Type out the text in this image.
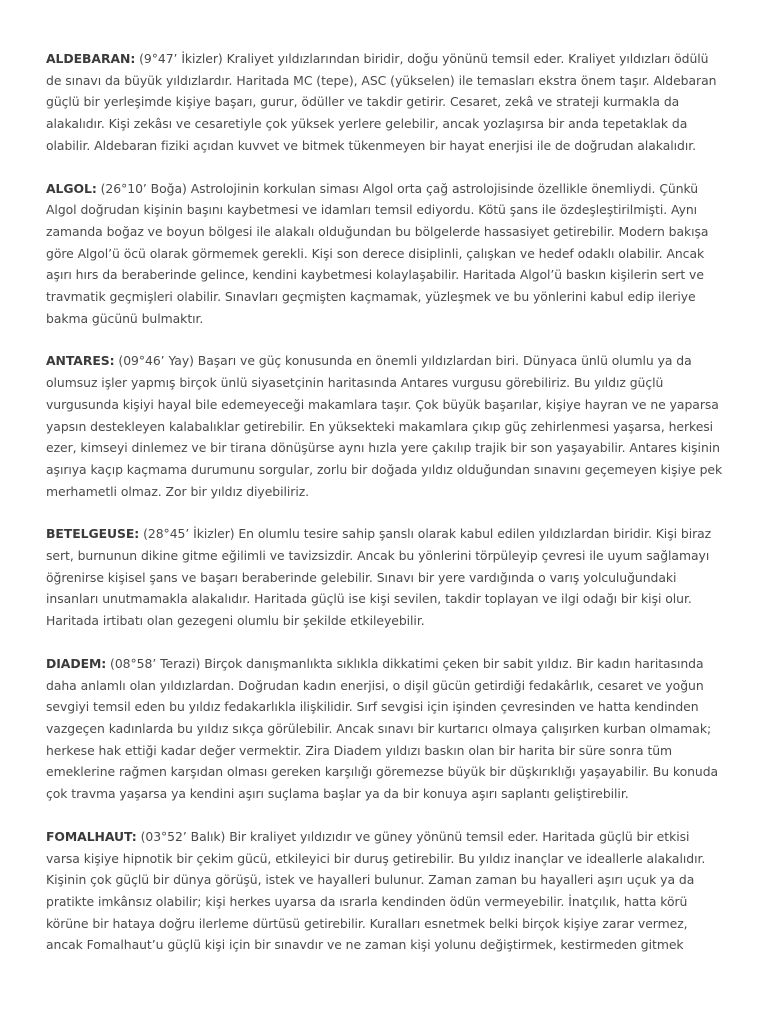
ALDEBARAN: (9°47’ İkizler) Kraliyet yıldızlarından biridir, doğu yönünü temsil eder. Kraliyet yıldızları ödülü de sınavı da büyük yıldızlardır. Haritada MC (tepe), ASC (yükselen) ile temasları ekstra önem taşır. Aldebaran güçlü bir yerleşimde kişiye başarı, gurur, ödüller ve takdir getirir. Cesaret, zekâ ve strateji kurmakla da alakalıdır. Kişi zekâsı ve cesaretiyle çok yüksek yerlere gelebilir, ancak yozlaşırsa bir anda tepetaklak da olabilir. Aldebaran fiziki açıdan kuvvet ve bitmek tükenmeyen bir hayat enerjisi ile de doğrudan alakalıdır.

ALGOL: (26°10’ Boğa) Astrolojinin korkulan siması Algol orta çağ astrolojisinde özellikle önemliydi. Çünkü Algol doğrudan kişinin başını kaybetmesi ve idamları temsil ediyordu. Kötü şans ile özdeşleştirilmişti. Aynı zamanda boğaz ve boyun bölgesi ile alakalı olduğundan bu bölgelerde hassasiyet getirebilir. Modern bakışa göre Algol’ü öcü olarak görmemek gerekli. Kişi son derece disiplinli, çalışkan ve hedef odaklı olabilir. Ancak aşırı hırs da beraberinde gelince, kendini kaybetmesi kolaylaşabilir. Haritada Algol’ü baskın kişilerin sert ve travmatik geçmişleri olabilir. Sınavları geçmişten kaçmamak, yüzleşmek ve bu yönlerini kabul edip ileriye bakma gücünü bulmaktır.

ANTARES: (09°46’ Yay) Başarı ve güç konusunda en önemli yıldızlardan biri. Dünyaca ünlü olumlu ya da olumsuz işler yapmış birçok ünlü siyasetçinin haritasında Antares vurgusu görebiliriz. Bu yıldız güçlü vurgusunda kişiyi hayal bile edemeyeceği makamlara taşır. Çok büyük başarılar, kişiye hayran ve ne yaparsa yapsın destekleyen kalabalıklar getirebilir. En yüksekteki makamlara çıkıp güç zehirlenmesi yaşarsa, herkesi ezer, kimseyi dinlemez ve bir tirana dönüşürse aynı hızla yere çakılıp trajik bir son yaşayabilir. Antares kişinin aşırıya kaçıp kaçmama durumunu sorgular, zorlu bir doğada yıldız olduğundan sınavını geçemeyen kişiye pek merhametli olmaz. Zor bir yıldız diyebiliriz.

BETELGEUSE: (28°45’ İkizler) En olumlu tesire sahip şanslı olarak kabul edilen yıldızlardan biridir. Kişi biraz sert, burnunun dikine gitme eğilimli ve tavizsizdir. Ancak bu yönlerini törpüleyip çevresi ile uyum sağlamayı öğrenirse kişisel şans ve başarı beraberinde gelebilir. Sınavı bir yere vardığında o varış yolculuğundaki insanları unutmamakla alakalıdır. Haritada güçlü ise kişi sevilen, takdir toplayan ve ilgi odağı bir kişi olur. Haritada irtibatı olan gezegeni olumlu bir şekilde etkileyebilir.

DIADEM: (08°58’ Terazi) Birçok danışmanlıkta sıklıkla dikkatimi çeken bir sabit yıldız. Bir kadın haritasında daha anlamlı olan yıldızlardan. Doğrudan kadın enerjisi, o dişil gücün getirdiği fedakârlık, cesaret ve yoğun sevgiyi temsil eden bu yıldız fedakarlıkla ilişkilidir. Sırf sevgisi için işinden çevresinden ve hatta kendinden vazgeçen kadınlarda bu yıldız sıkça görülebilir. Ancak sınavı bir kurtarıcı olmaya çalışırken kurban olmamak; herkese hak ettiği kadar değer vermektir. Zira Diadem yıldızı baskın olan bir harita bir süre sonra tüm emeklerine rağmen karşıdan olması gereken karşılığı göremezse büyük bir düşkırıklığı yaşayabilir. Bu konuda çok travma yaşarsa ya kendini aşırı suçlama başlar ya da bir konuya aşırı saplantı geliştirebilir.

FOMALHAUT: (03°52’ Balık) Bir kraliyet yıldızıdır ve güney yönünü temsil eder. Haritada güçlü bir etkisi varsa kişiye hipnotik bir çekim gücü, etkileyici bir duruş getirebilir. Bu yıldız inançlar ve ideallerle alakalıdır. Kişinin çok güçlü bir dünya görüşü, istek ve hayalleri bulunur. Zaman zaman bu hayalleri aşırı uçuk ya da pratikte imkânsız olabilir; kişi herkes uyarsa da ısrarla kendinden ödün vermeyebilir. İnatçılık, hatta körü körüne bir hataya doğru ilerleme dürtüsü getirebilir. Kuralları esnetmek belki birçok kişiye zarar vermez, ancak Fomalhaut’u güçlü kişi için bir sınavdır ve ne zaman kişi yolunu değiştirmek, kestirmeden gitmek
